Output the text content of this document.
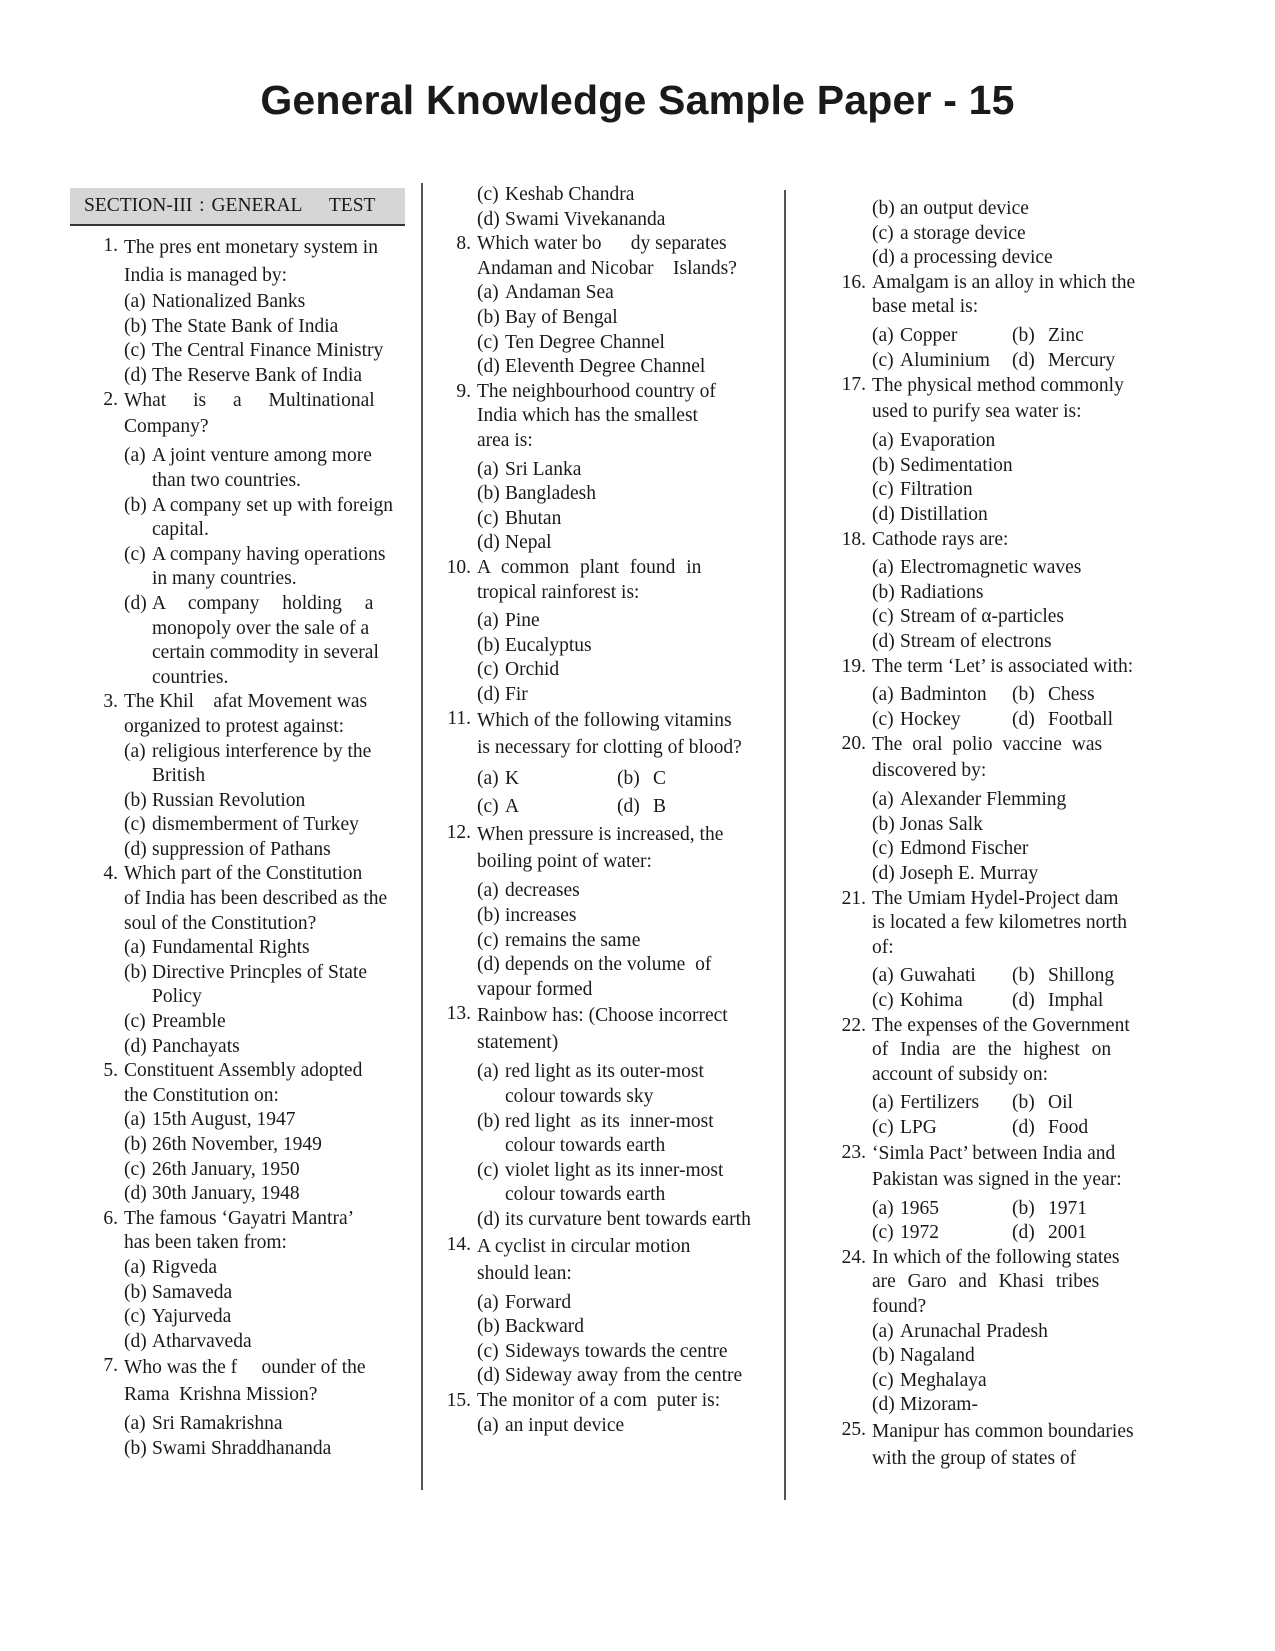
General Knowledge Sample Paper - 15
SECTION-III : GENERAL    TEST
1. The pres ent monetary system in
India is managed by:
(a) Nationalized Banks
(b) The State Bank of India
(c) The Central Finance Ministry
(d) The Reserve Bank of India
2. What is a Multinational
Company?
(a) A joint venture among more
than two countries.
(b) A company set up with foreign
capital.
(c) A company having operations
in many countries.
(d) A company holding a
monopoly over the sale of a
certain commodity in several
countries.
3. The Khil    afat Movement was
organized to protest against:
(a) religious interference by the
British
(b) Russian Revolution
(c) dismemberment of Turkey
(d) suppression of Pathans
4. Which part of the Constitution
of India has been described as the
soul of the Constitution?
(a) Fundamental Rights
(b) Directive Princples of State
Policy
(c) Preamble
(d) Panchayats
5. Constituent Assembly adopted
the Constitution on:
(a) 15th August, 1947
(b) 26th November, 1949
(c) 26th January, 1950
(d) 30th January, 1948
6. The famous ‘Gayatri Mantra’
has been taken from:
(a) Rigveda
(b) Samaveda
(c) Yajurveda
(d) Atharvaveda
7. Who was the f     ounder of the
Rama  Krishna Mission?
(a) Sri Ramakrishna
(b) Swami Shraddhananda
(c) Keshab Chandra
(d) Swami Vivekananda
8. Which water bo      dy separates
Andaman and Nicobar    Islands?
(a) Andaman Sea
(b) Bay of Bengal
(c) Ten Degree Channel
(d) Eleventh Degree Channel
9. The neighbourhood country of
India which has the smallest
area is:
(a) Sri Lanka
(b) Bangladesh
(c) Bhutan
(d) Nepal
10. A common plant found in
tropical rainforest is:
(a) Pine
(b) Eucalyptus
(c) Orchid
(d) Fir
11. Which of the following vitamins
is necessary for clotting of blood?
(a) K	(b) C
(c) A	(d) B
12. When pressure is increased, the
boiling point of water:
(a) decreases
(b) increases
(c) remains the same
(d) depends on the volume  of
vapour formed
13. Rainbow has: (Choose incorrect
statement)
(a) red light as its outer-most
colour towards sky
(b) red light  as its  inner-most
colour towards earth
(c) violet light as its inner-most
colour towards earth
(d) its curvature bent towards earth
14. A cyclist in circular motion
should lean:
(a) Forward
(b) Backward
(c) Sideways towards the centre
(d) Sideway away from the centre
15. The monitor of a com  puter is:
(a) an input device
(b) an output device
(c) a storage device
(d) a processing device
16. Amalgam is an alloy in which the
base metal is:
(a) Copper	(b) Zinc
(c) Aluminium (d) Mercury
17. The physical method commonly
used to purify sea water is:
(a) Evaporation
(b) Sedimentation
(c) Filtration
(d) Distillation
18. Cathode rays are:
(a) Electromagnetic waves
(b) Radiations
(c) Stream of α-particles
(d) Stream of electrons
19. The term ‘Let’ is associated with:
(a) Badminton (b) Chess
(c) Hockey	(d) Football
20. The oral polio vaccine was
discovered by:
(a) Alexander Flemming
(b) Jonas Salk
(c) Edmond Fischer
(d) Joseph E. Murray
21. The Umiam Hydel-Project dam
is located a few kilometres north
of:
(a) Guwahati (b) Shillong
(c) Kohima	(d) Imphal
22. The expenses of the Government
of India are the highest on
account of subsidy on:
(a) Fertilizers (b) Oil
(c) LPG	(d) Food
23. ‘Simla Pact’ between India and
Pakistan was signed in the year:
(a) 1965	(b) 1971
(c) 1972	(d) 2001
24. In which of the following states
are Garo and Khasi tribes
found?
(a) Arunachal Pradesh
(b) Nagaland
(c) Meghalaya
(d) Mizoram-
25. Manipur has common boundaries
with the group of states of
